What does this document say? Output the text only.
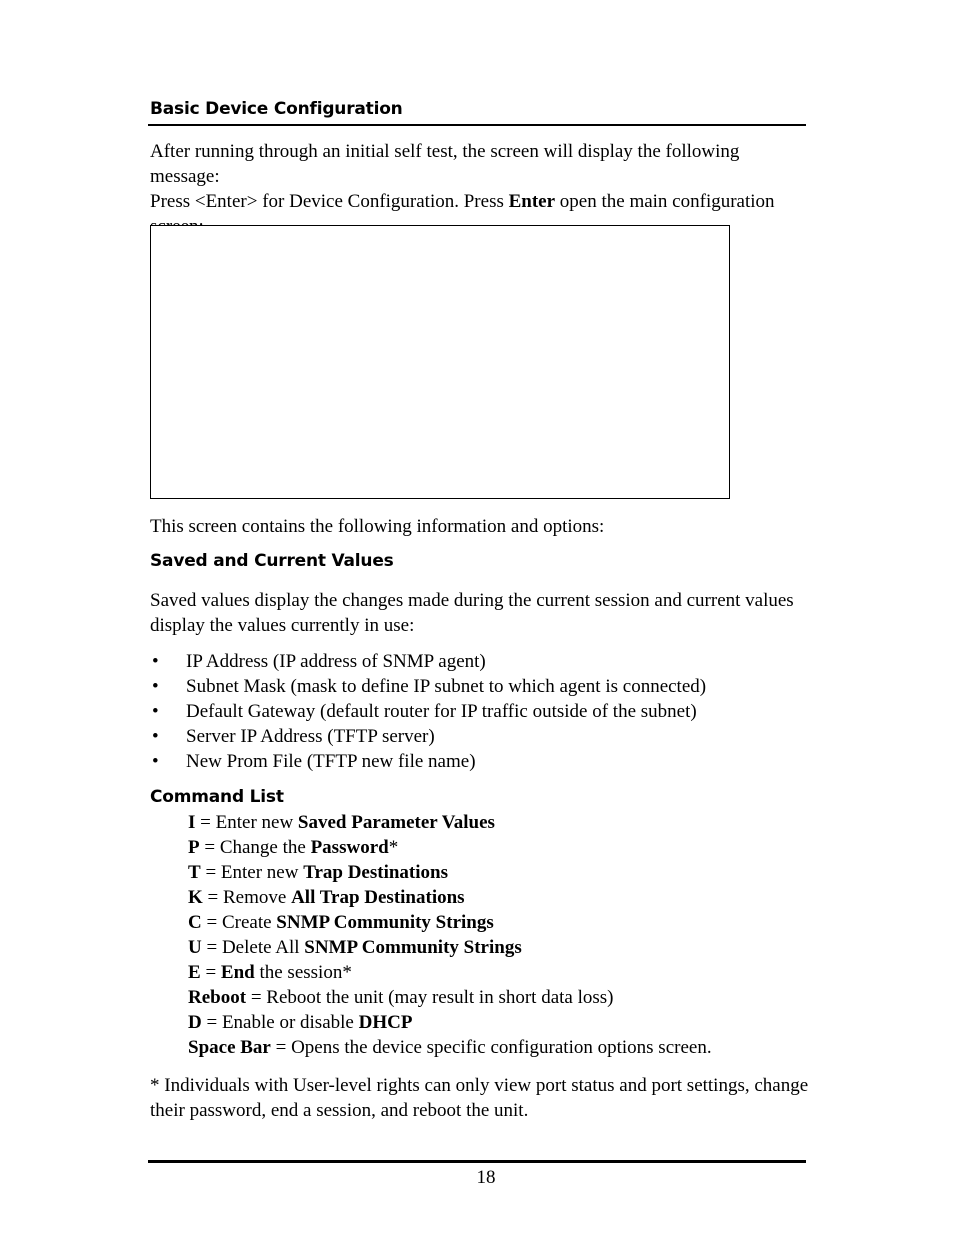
Basic Device Configuration
After running through an initial self test, the screen will display the following message:
Press <Enter> for Device Configuration. Press Enter open the main configuration
This screen contains the following information and options:
Saved and Current Values
Saved values display the changes made during the current session and current values
display the values currently in use:
• IP Address (IP address of SNMP agent)
• Subnet Mask (mask to define IP subnet to which agent is connected)
• Default Gateway (default router for IP traffic outside of the subnet)
• Server IP Address (TFTP server)
• New Prom File (TFTP new file name)
Command List
I = Enter new Saved Parameter Values
P = Change the Password*
T = Enter new Trap Destinations
K = Remove All Trap Destinations
C = Create SNMP Community Strings
U = Delete All SNMP Community Strings
E = End the session*
Reboot = Reboot the unit (may result in short data loss)
D = Enable or disable DHCP
Space Bar = Opens the device specific configuration options screen.
* Individuals with User-level rights can only view port status and port settings, change
their password, end a session, and reboot the unit.
18
